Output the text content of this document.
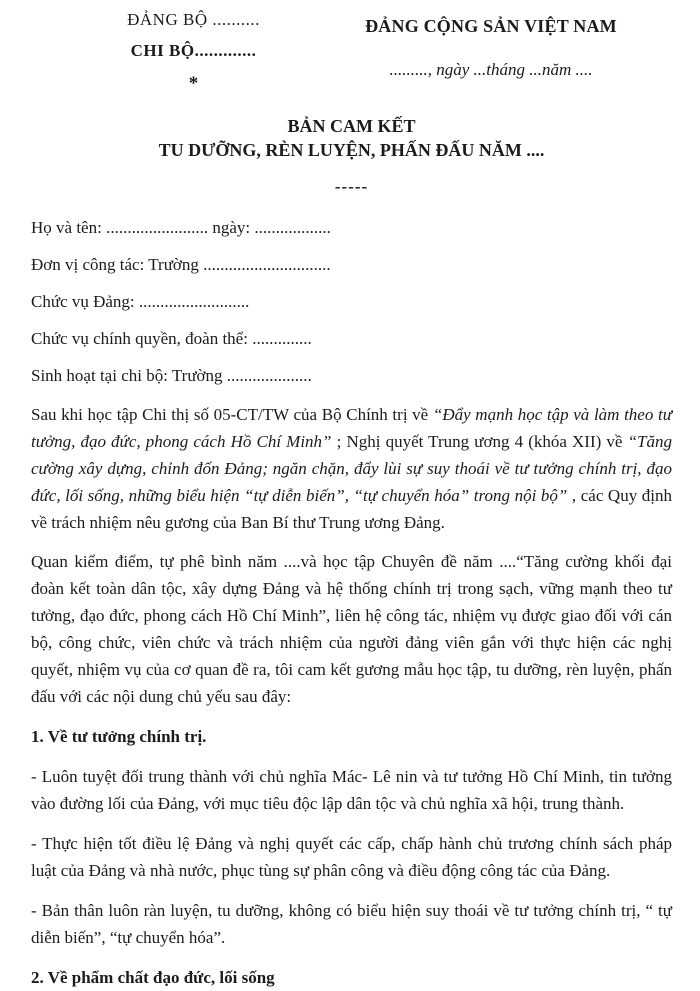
ĐẢNG BỘ ..........
CHI BỘ.............
*
ĐẢNG CỘNG SẢN VIỆT NAM
........., ngày ...tháng ...năm ....
BẢN CAM KẾT
TU DƯỠNG, RÈN LUYỆN, PHẤN ĐẤU NĂM ....
-----

Họ và tên: ........................ ngày: ..................

Đơn vị công tác: Trường ..............................

Chức vụ Đảng: ..........................

Chức vụ chính quyền, đoàn thể: ..............

Sinh hoạt tại chi bộ: Trường ....................

Sau khi học tập Chi thị số 05-CT/TW của Bộ Chính trị về “Đẩy mạnh học tập và làm theo tư tưởng, đạo đức, phong cách Hồ Chí Minh” ; Nghị quyết Trung ương 4 (khóa XII) về “Tăng cường xây dựng, chỉnh đốn Đảng; ngăn chặn, đẩy lùi sự suy thoái về tư tưởng chính trị, đạo đức, lối sống, những biểu hiện “tự diễn biến”, “tự chuyển hóa” trong nội bộ” , các Quy định về trách nhiệm nêu gương của Ban Bí thư Trung ương Đảng.

Quan kiểm điểm, tự phê bình năm ....và học tập Chuyên đề năm ....“Tăng cường khối đại đoàn kết toàn dân tộc, xây dựng Đảng và hệ thống chính trị trong sạch, vững mạnh theo tư tưởng, đạo đức, phong cách Hồ Chí Minh”, liên hệ công tác, nhiệm vụ được giao đối với cán bộ, công chức, viên chức và trách nhiệm của người đảng viên gắn với thực hiện các nghị quyết, nhiệm vụ của cơ quan đề ra, tôi cam kết gương mẫu học tập, tu dưỡng, rèn luyện, phấn đấu với các nội dung chủ yếu sau đây:

1. Về tư tưởng chính trị.

- Luôn tuyệt đối trung thành với chủ nghĩa Mác- Lê nin và tư tưởng Hồ Chí Minh, tin tưởng vào đường lối của Đảng, với mục tiêu độc lập dân tộc và chủ nghĩa xã hội, trung thành.

- Thực hiện tốt điều lệ Đảng và nghị quyết các cấp, chấp hành chủ trương chính sách pháp luật của Đảng và nhà nước, phục tùng sự phân công và điều động công tác của Đảng.

- Bản thân luôn ràn luyện, tu dưỡng, không có biểu hiện suy thoái về tư tưởng chính trị, “ tự diễn biến”, “tự chuyển hóa”.

2. Về phẩm chất đạo đức, lối sống
